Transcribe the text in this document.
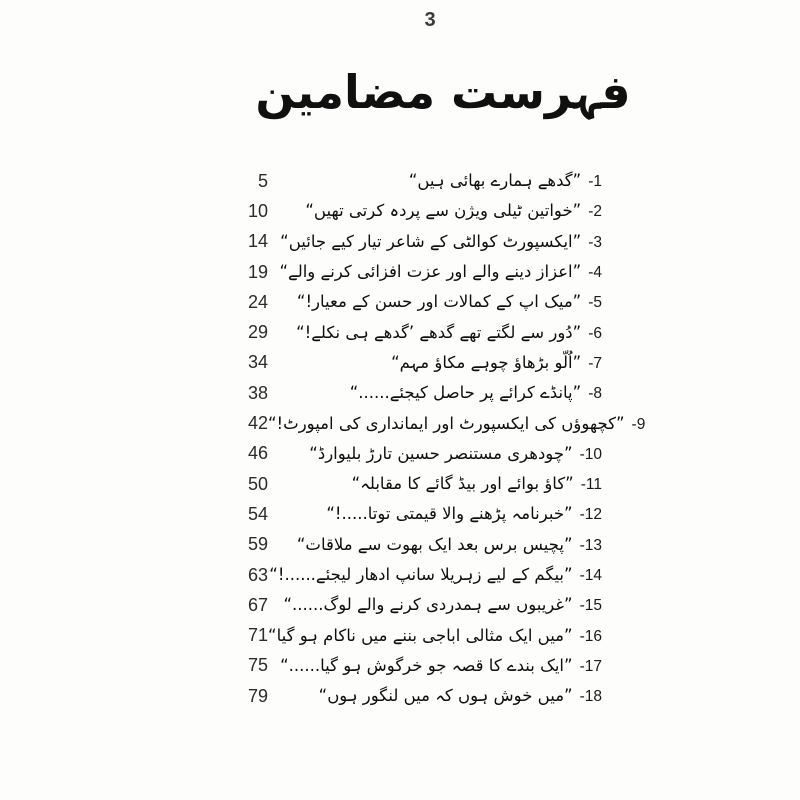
3
فہرست مضامین
5	1-”گدھے ہمارے بھائی ہیں“
10	2-”خواتین ٹیلی ویژن سے پردہ کرتی تھیں“
14	3-”ایکسپورٹ کوالٹی کے شاعر تیار کیے جائیں“
19	4-”اعزاز دینے والے اور عزت افزائی کرنے والے“
24	5-”میک اپ کے کمالات اور حسن کے معیار!“
29	6-”دُور سے لگتے تھے گدھے ’گدھے ہی نکلے!“
34	7-”اُلّو بڑھاؤ چوہے مکاؤ مہم“
38	8-”پانڈے کرائے پر حاصل کیجئے......“
42	9-”کچھوؤں کی ایکسپورٹ اور ایمانداری کی امپورٹ!“
46	10-”چودھری مستنصر حسین تارڑ بلیوارڈ“
50	11-”کاؤ بوائے اور بیڈ گائے کا مقابلہ“
54	12-”خبرنامہ پڑھنے والا قیمتی توتا.....!“
59	13-”پچیس برس بعد ایک بھوت سے ملاقات“
63	14-”بیگم کے لیے زہریلا سانپ ادھار لیجئے......!“
67	15-”غریبوں سے ہمدردی کرنے والے لوگ......“
71	16-”میں ایک مثالی اباجی بننے میں ناکام ہو گیا“
75	17-”ایک بندے کا قصہ جو خرگوش ہو گیا......“
79	18-”میں خوش ہوں کہ میں لنگور ہوں“
